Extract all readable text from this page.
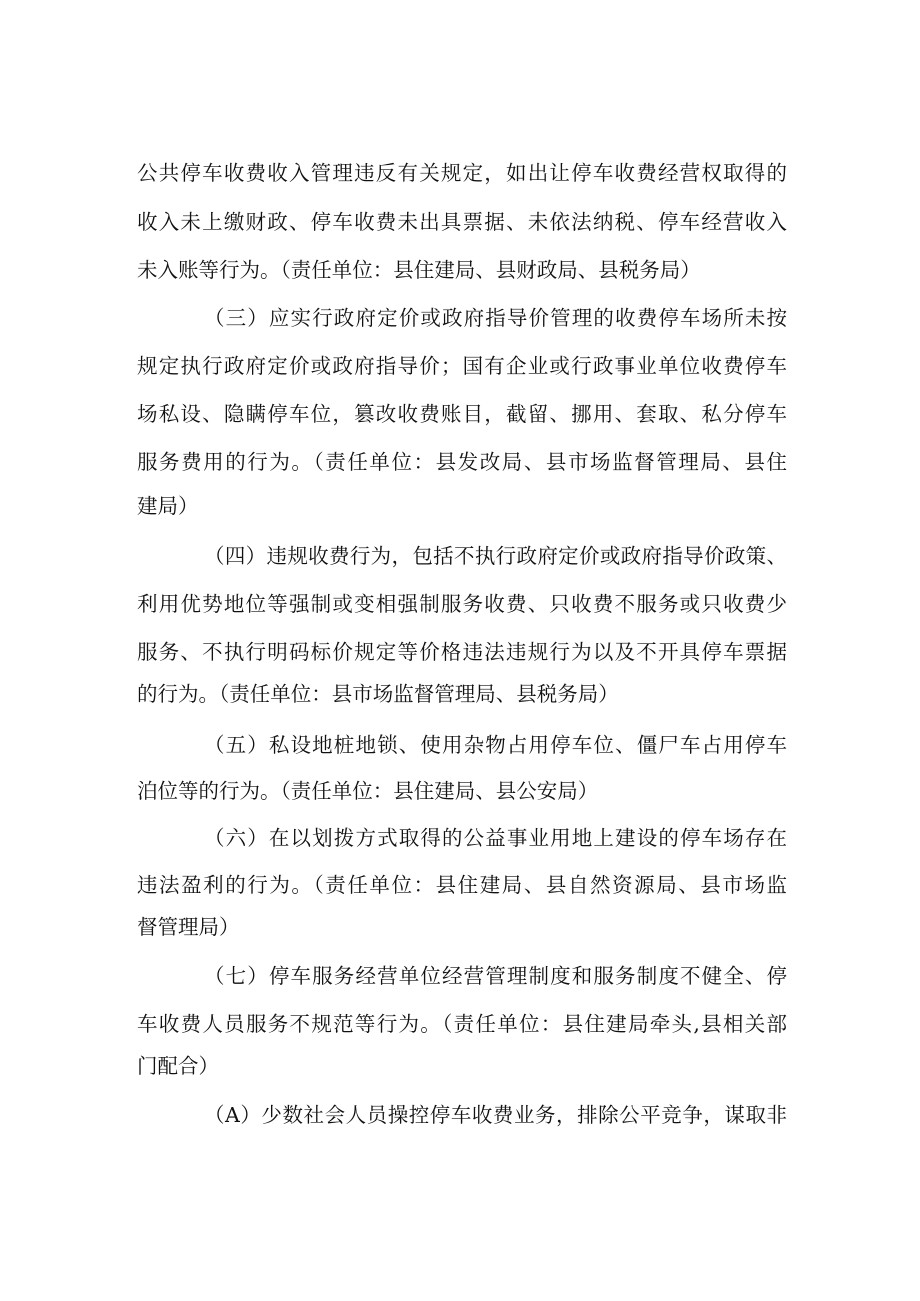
公共停车收费收入管理违反有关规定，如出让停车收费经营权取得的
收入未上缴财政、停车收费未出具票据、未依法纳税、停车经营收入
未入账等行为。（责任单位：县住建局、县财政局、县税务局）
（三）应实行政府定价或政府指导价管理的收费停车场所未按
规定执行政府定价或政府指导价；国有企业或行政事业单位收费停车
场私设、隐瞒停车位，篡改收费账目，截留、挪用、套取、私分停车
服务费用的行为。（责任单位：县发改局、县市场监督管理局、县住
建局）
（四）违规收费行为，包括不执行政府定价或政府指导价政策、
利用优势地位等强制或变相强制服务收费、只收费不服务或只收费少
服务、不执行明码标价规定等价格违法违规行为以及不开具停车票据
的行为。（责任单位：县市场监督管理局、县税务局）
（五）私设地桩地锁、使用杂物占用停车位、僵尸车占用停车
泊位等的行为。（责任单位：县住建局、县公安局）
（六）在以划拨方式取得的公益事业用地上建设的停车场存在
违法盈利的行为。（责任单位：县住建局、县自然资源局、县市场监
督管理局）
（七）停车服务经营单位经营管理制度和服务制度不健全、停
车收费人员服务不规范等行为。（责任单位：县住建局牵头,县相关部
门配合）
（A）少数社会人员操控停车收费业务，排除公平竞争，谋取非
